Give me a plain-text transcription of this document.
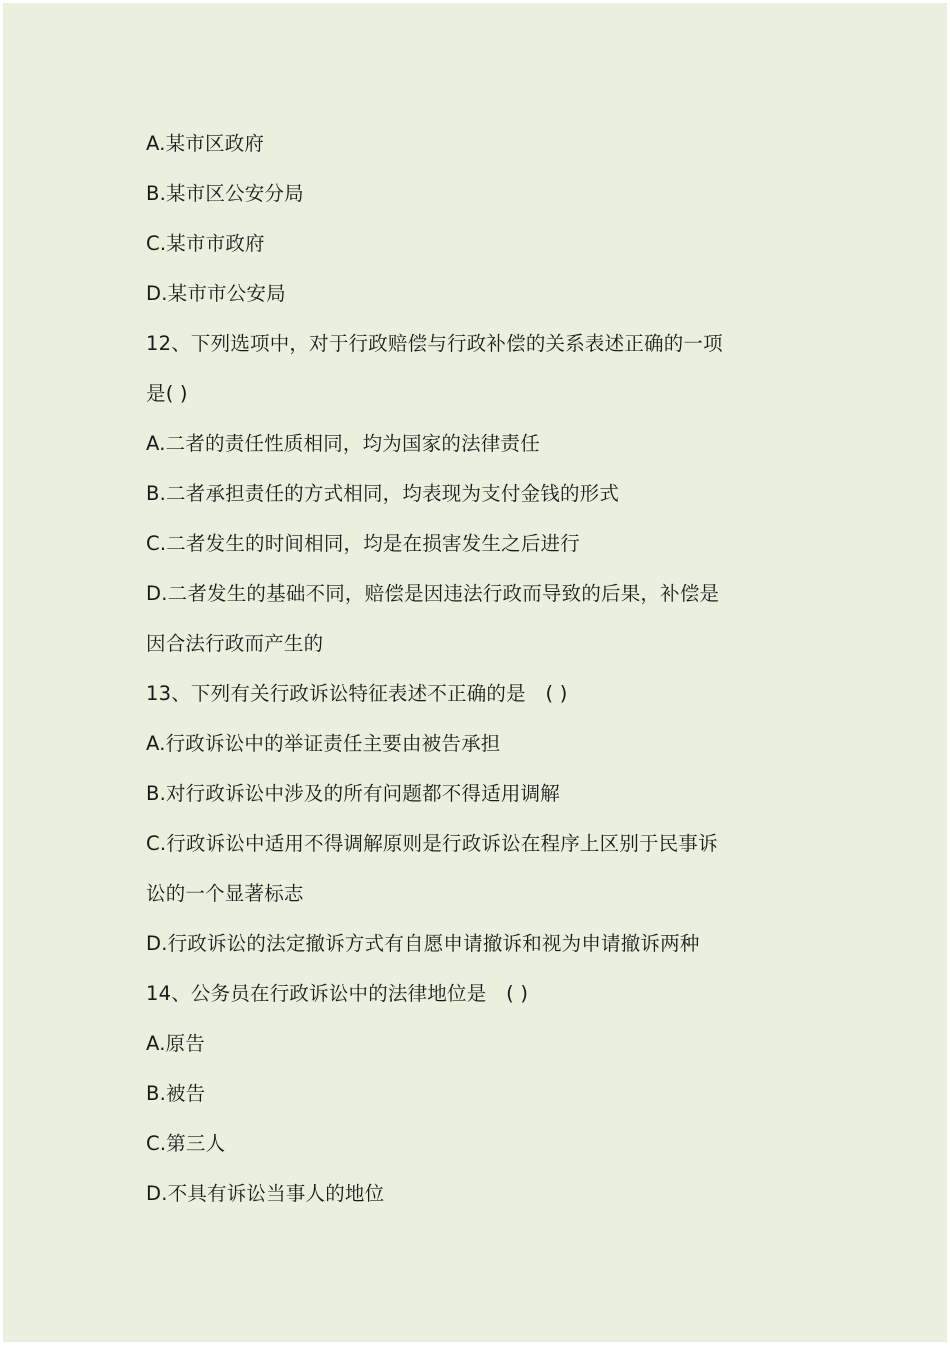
A.某市区政府
B.某市区公安分局
C.某市市政府
D.某市市公安局
12、下列选项中，对于行政赔偿与行政补偿的关系表述正确的一项
是( )
A.二者的责任性质相同，均为国家的法律责任
B.二者承担责任的方式相同，均表现为支付金钱的形式
C.二者发生的时间相同，均是在损害发生之后进行
D.二者发生的基础不同，赔偿是因违法行政而导致的后果，补偿是
因合法行政而产生的
13、下列有关行政诉讼特征表述不正确的是　( )
A.行政诉讼中的举证责任主要由被告承担
B.对行政诉讼中涉及的所有问题都不得适用调解
C.行政诉讼中适用不得调解原则是行政诉讼在程序上区别于民事诉
讼的一个显著标志
D.行政诉讼的法定撤诉方式有自愿申请撤诉和视为申请撤诉两种
14、公务员在行政诉讼中的法律地位是　( )
A.原告
B.被告
C.第三人
D.不具有诉讼当事人的地位
